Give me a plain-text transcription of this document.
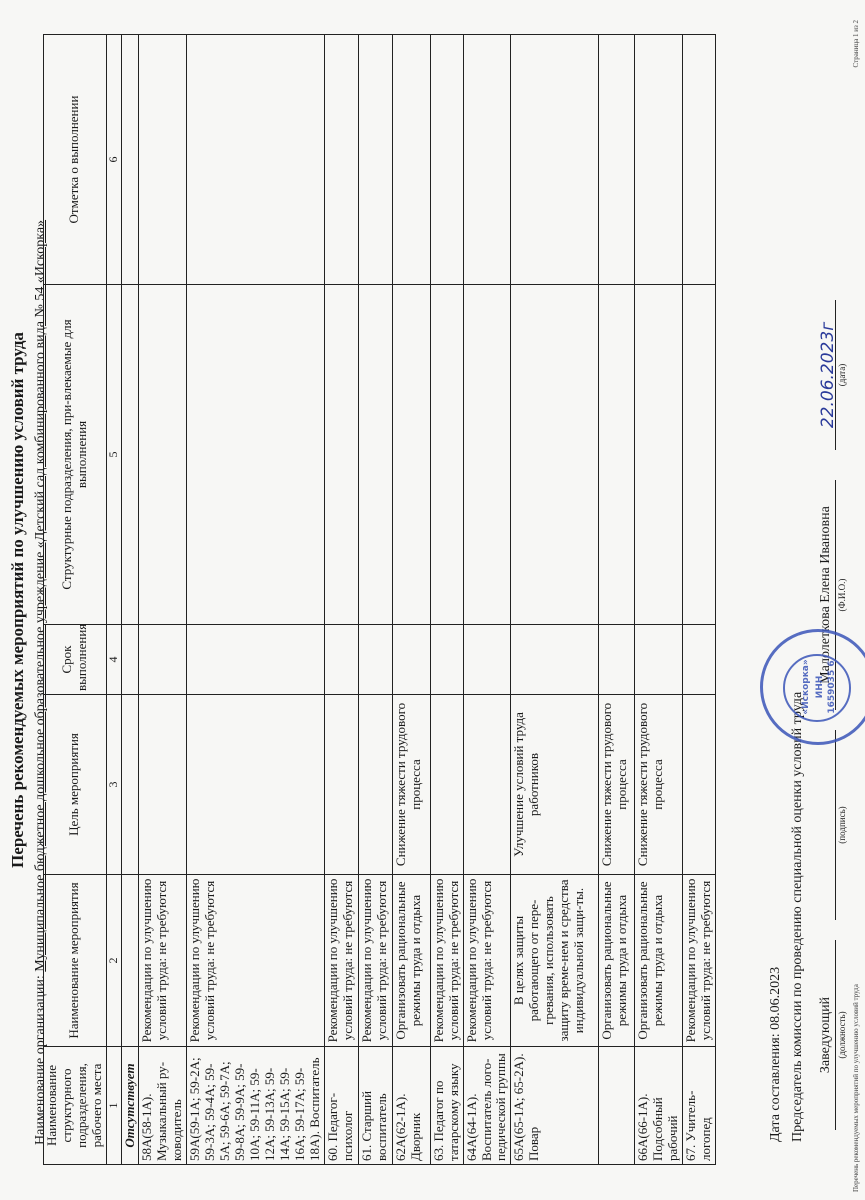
Перечень рекомендуемых мероприятий по улучшению условий труда
Наименование организации: Муниципальное бюджетное дошкольное образовательное учреждение «Детский сад комбинированного вида № 54 «Искорка»
Наименование структурного подразделения, рабочего места	Наименование мероприятия	Цель мероприятия	Срок выполнения	Структурные подразделения, при-влекаемые для выполнения	Отметка о выполнении
1	2	3	4	5	6
Отсутствует					
58А(58-1А). Музыкальный ру-ководитель	Рекомендации по улучшению условий труда: не требуются				
59А(59-1А; 59-2А; 59-3А; 59-4А; 59-5А; 59-6А; 59-7А; 59-8А; 59-9А; 59-10А; 59-11А; 59-12А; 59-13А; 59-14А; 59-15А; 59-16А; 59-17А; 59-18А). Воспитатель	Рекомендации по улучшению условий труда: не требуются				
60. Педагог-психолог	Рекомендации по улучшению условий труда: не требуются				
61. Старший воспитатель	Рекомендации по улучшению условий труда: не требуются				
62А(62-1А). Дворник	Организовать рациональные режимы труда и отдыха	Снижение тяжести трудового процесса			
63. Педагог по татарскому языку	Рекомендации по улучшению условий труда: не требуются				
64А(64-1А). Воспитатель лого-педической группы	Рекомендации по улучшению условий труда: не требуются				
65А(65-1А; 65-2А). Повар	В целях защиты работающего от пере-гревания, использовать защиту време-нем и средства индивидуальной защи-ты.	Улучшение условий труда работников			
	Организовать рациональные режимы труда и отдыха	Снижение тяжести трудового процесса			
66А(66-1А). Подсобный рабочий	Организовать рациональные режимы труда и отдыха	Снижение тяжести трудового процесса			
67. Учитель-логопед	Рекомендации по улучшению условий труда: не требуются				
Дата составления: 08.06.2023 Председатель комиссии по проведению специальной оценки условий труда Заведующий (должность)
(подпись)
Малолеткова Елена Ивановна (Ф.И.О.)
22.06.2023г (дата)
«Искорка» ИНН 1659035 6
Перечень рекомендуемых мероприятий по улучшению условий труда
Страница 1 из 2
